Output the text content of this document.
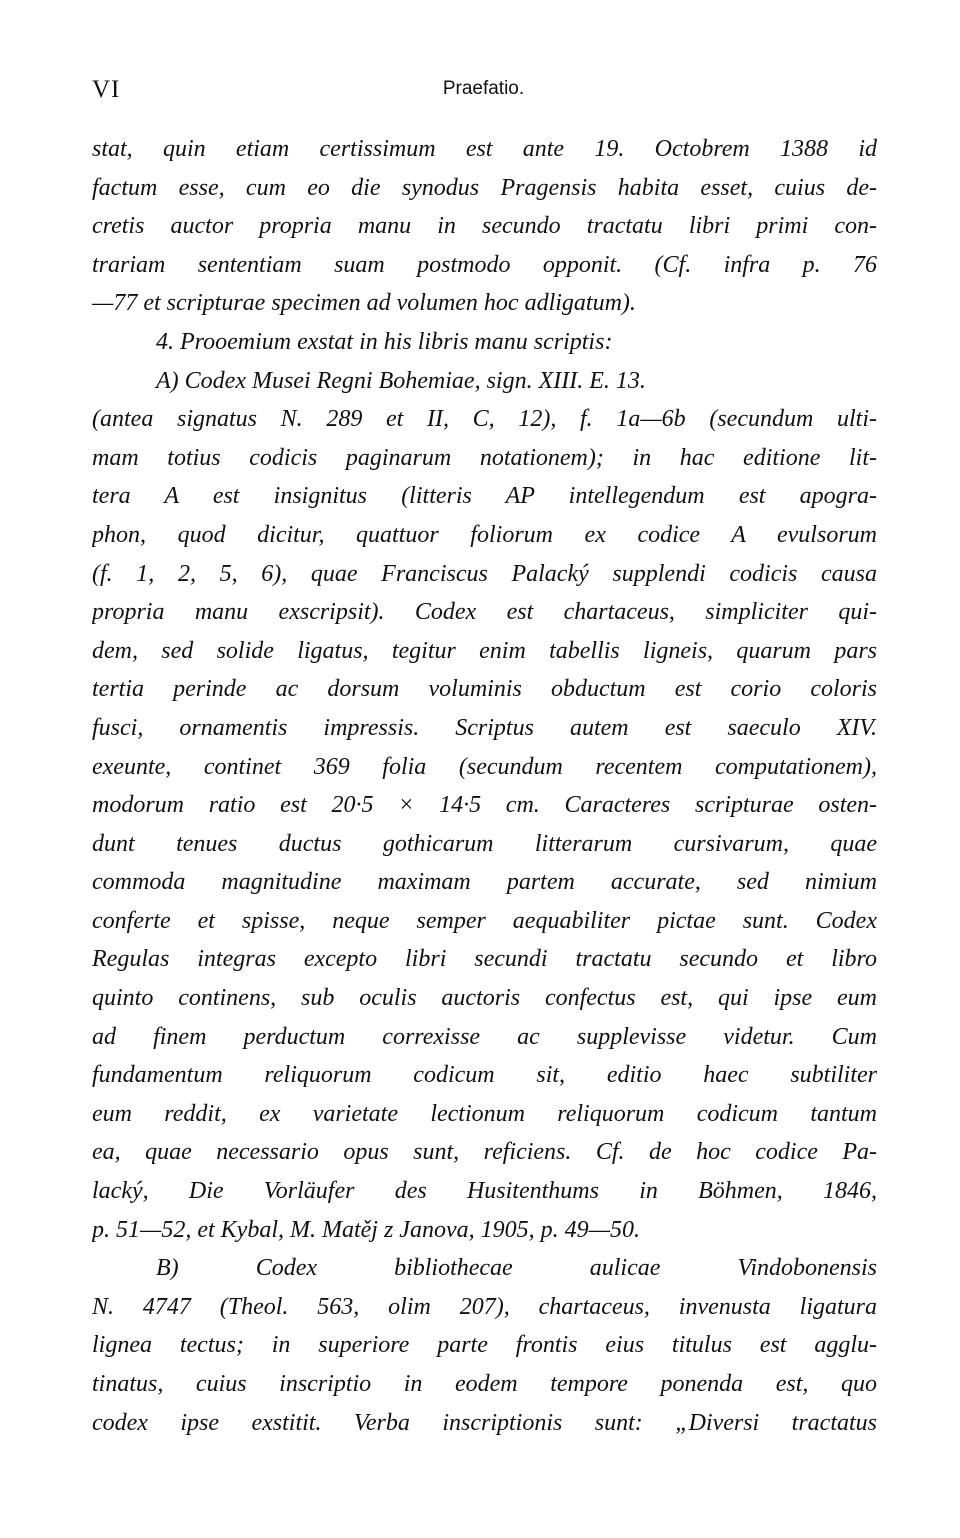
VI	Praefatio.
stat, quin etiam certissimum est ante 19. Octobrem 1388 id
factum esse, cum eo die synodus Pragensis habita esset, cuius de-
cretis auctor propria manu in secundo tractatu libri primi con-
trariam sententiam suam postmodo opponit. (Cf. infra p. 76
—77 et scripturae specimen ad volumen hoc adligatum).
4. Prooemium exstat in his libris manu scriptis:
A) Codex Musei Regni Bohemiae, sign. XIII. E. 13.
(antea signatus N. 289 et II, C, 12), f. 1a—6b (secundum ulti-
mam totius codicis paginarum notationem); in hac editione lit-
tera A est insignitus (litteris AP intellegendum est apogra-
phon, quod dicitur, quattuor foliorum ex codice A evulsorum
(f. 1, 2, 5, 6), quae Franciscus Palacký supplendi codicis causa
propria manu exscripsit). Codex est chartaceus, simpliciter qui-
dem, sed solide ligatus, tegitur enim tabellis ligneis, quarum pars
tertia perinde ac dorsum voluminis obductum est corio coloris
fusci, ornamentis impressis. Scriptus autem est saeculo XIV.
exeunte, continet 369 folia (secundum recentem computationem),
modorum ratio est 20·5 × 14·5 cm. Caracteres scripturae osten-
dunt tenues ductus gothicarum litterarum cursivarum, quae
commoda magnitudine maximam partem accurate, sed nimium
conferte et spisse, neque semper aequabiliter pictae sunt. Codex
Regulas integras excepto libri secundi tractatu secundo et libro
quinto continens, sub oculis auctoris confectus est, qui ipse eum
ad finem perductum correxisse ac supplevisse videtur. Cum
fundamentum reliquorum codicum sit, editio haec subtiliter
eum reddit, ex varietate lectionum reliquorum codicum tantum
ea, quae necessario opus sunt, reficiens. Cf. de hoc codice Pa-
lacký, Die Vorläufer des Husitenthums in Böhmen, 1846,
p. 51—52, et Kybal, M. Matěj z Janova, 1905, p. 49—50.
B) Codex bibliothecae aulicae Vindobonensis
N. 4747 (Theol. 563, olim 207), chartaceus, invenusta ligatura
lignea tectus; in superiore parte frontis eius titulus est agglu-
tinatus, cuius inscriptio in eodem tempore ponenda est, quo
codex ipse exstitit. Verba inscriptionis sunt: „Diversi tractatus
